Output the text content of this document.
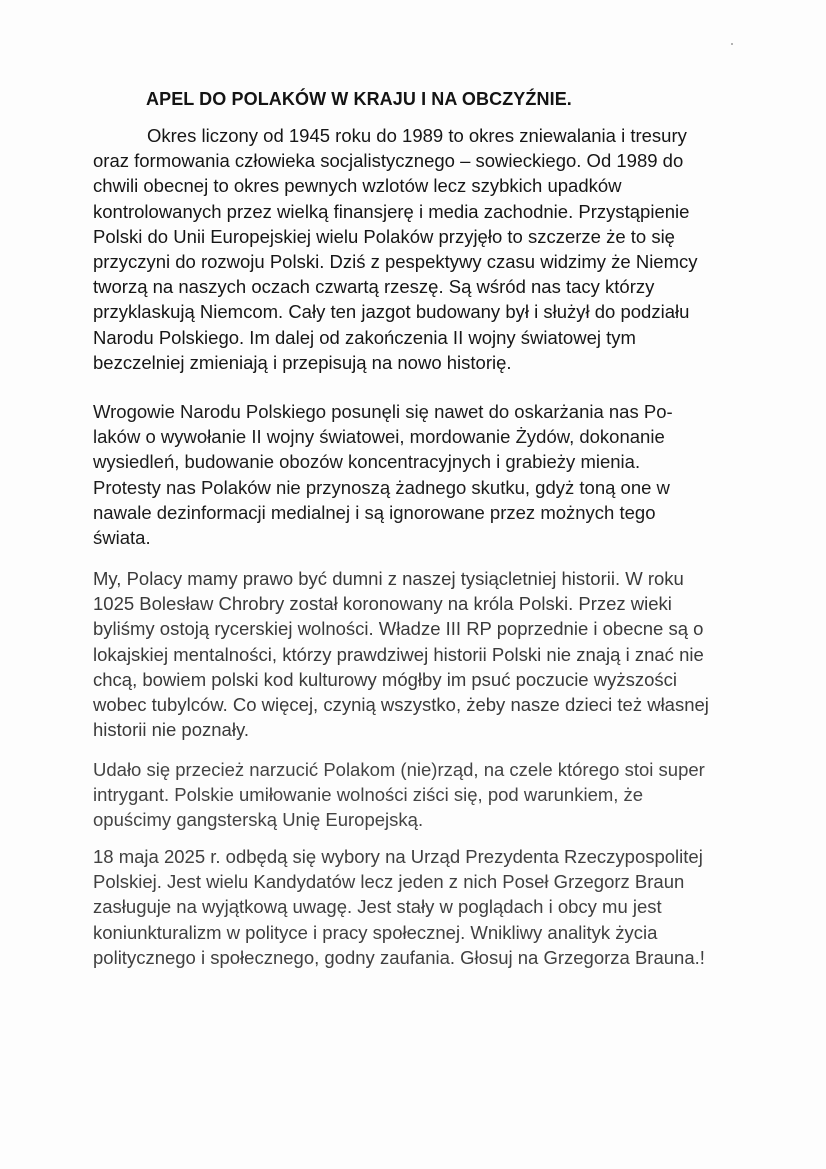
APEL DO POLAKÓW W KRAJU I NA OBCZYŹNIE.
Okres liczony od 1945 roku do 1989 to okres zniewalania i tresury
oraz formowania człowieka socjalistycznego – sowieckiego. Od 1989 do
chwili obecnej to okres pewnych wzlotów lecz szybkich upadków
kontrolowanych przez wielką finansjerę i media zachodnie. Przystąpienie
Polski do Unii Europejskiej wielu Polaków przyjęło to szczerze że to się
przyczyni do rozwoju Polski. Dziś z pespektywy czasu widzimy że Niemcy
tworzą na naszych oczach czwartą rzeszę. Są wśród nas tacy którzy
przyklaskują Niemcom. Cały ten jazgot budowany był i służył do podziału
Narodu Polskiego. Im dalej od zakończenia II wojny światowej tym
bezczelniej zmieniają i przepisują na nowo historię.
Wrogowie Narodu Polskiego posunęli się nawet do oskarżania nas Po-
laków o wywołanie II wojny światowei, mordowanie Żydów, dokonanie
wysiedleń, budowanie obozów koncentracyjnych i grabieży mienia.
Protesty nas Polaków nie przynoszą żadnego skutku, gdyż toną one w
nawale dezinformacji medialnej i są ignorowane przez możnych tego
świata.
My, Polacy mamy prawo być dumni z naszej tysiącletniej historii. W roku
1025 Bolesław Chrobry został koronowany na króla Polski. Przez wieki
byliśmy ostoją rycerskiej wolności. Władze III RP poprzednie i obecne są o
lokajskiej mentalności, którzy prawdziwej historii Polski nie znają i znać nie
chcą, bowiem polski kod kulturowy mógłby im psuć poczucie wyższości
wobec tubylców. Co więcej, czynią wszystko, żeby nasze dzieci też własnej
historii nie poznały.
Udało się przecież narzucić Polakom (nie)rząd, na czele którego stoi super
intrygant. Polskie umiłowanie wolności ziści się, pod warunkiem, że
opuścimy gangsterską Unię Europejską.
18 maja 2025 r. odbędą się wybory na Urząd Prezydenta Rzeczypospolitej
Polskiej. Jest wielu Kandydatów lecz jeden z nich Poseł Grzegorz Braun
zasługuje na wyjątkową uwagę. Jest stały w poglądach i obcy mu jest
koniunkturalizm w polityce i pracy społecznej. Wnikliwy analityk życia
politycznego i społecznego, godny zaufania. Głosuj na Grzegorza Brauna.!
